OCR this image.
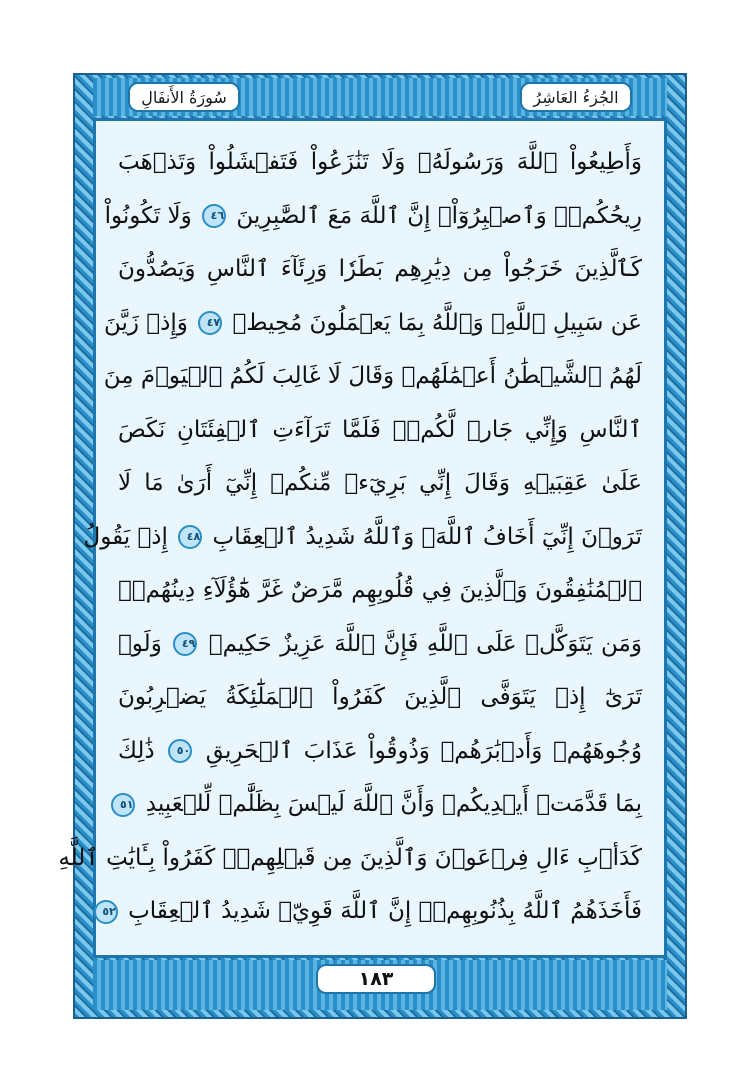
سُورَةُ الأَنفَالِ	الجُزءُ العَاشِرُ
١٨٣
وَأَطِيعُواْ ٱللَّهَ وَرَسُولَهُۥ وَلَا تَنَٰزَعُواْ فَتَفۡشَلُواْ وَتَذۡهَبَ
رِيحُكُمۡۖ وَٱصۡبِرُوٓاْۚ إِنَّ ٱللَّهَ مَعَ ٱلصَّٰبِرِينَ ٤٦ وَلَا تَكُونُواْ
كَٱلَّذِينَ خَرَجُواْ مِن دِيَٰرِهِم بَطَرٗا وَرِئَآءَ ٱلنَّاسِ وَيَصُدُّونَ
عَن سَبِيلِ ٱللَّهِۚ وَٱللَّهُ بِمَا يَعۡمَلُونَ مُحِيطٞ ٤٧ وَإِذۡ زَيَّنَ
لَهُمُ ٱلشَّيۡطَٰنُ أَعۡمَٰلَهُمۡ وَقَالَ لَا غَالِبَ لَكُمُ ٱلۡيَوۡمَ مِنَ
ٱلنَّاسِ وَإِنِّي جَارٞ لَّكُمۡۖ فَلَمَّا تَرَآءَتِ ٱلۡفِئَتَانِ نَكَصَ
عَلَىٰ عَقِبَيۡهِ وَقَالَ إِنِّي بَرِيٓءٞ مِّنكُمۡ إِنِّيٓ أَرَىٰ مَا لَا
تَرَوۡنَ إِنِّيٓ أَخَافُ ٱللَّهَۚ وَٱللَّهُ شَدِيدُ ٱلۡعِقَابِ ٤٨ إِذۡ يَقُولُ
ٱلۡمُنَٰفِقُونَ وَٱلَّذِينَ فِي قُلُوبِهِم مَّرَضٌ غَرَّ هَٰٓؤُلَآءِ دِينُهُمۡۗ
وَمَن يَتَوَكَّلۡ عَلَى ٱللَّهِ فَإِنَّ ٱللَّهَ عَزِيزٌ حَكِيمٞ ٤٩ وَلَوۡ
تَرَىٰٓ إِذۡ يَتَوَفَّى ٱلَّذِينَ كَفَرُواْ ٱلۡمَلَٰٓئِكَةُ يَضۡرِبُونَ
وُجُوهَهُمۡ وَأَدۡبَٰرَهُمۡ وَذُوقُواْ عَذَابَ ٱلۡحَرِيقِ ٥٠ ذَٰلِكَ
بِمَا قَدَّمَتۡ أَيۡدِيكُمۡ وَأَنَّ ٱللَّهَ لَيۡسَ بِظَلَّٰمٖ لِّلۡعَبِيدِ ٥١
كَدَأۡبِ ءَالِ فِرۡعَوۡنَ وَٱلَّذِينَ مِن قَبۡلِهِمۡۚ كَفَرُواْ بِـَٔايَٰتِ ٱللَّهِ
فَأَخَذَهُمُ ٱللَّهُ بِذُنُوبِهِمۡۚ إِنَّ ٱللَّهَ قَوِيّٞ شَدِيدُ ٱلۡعِقَابِ ٥٢
